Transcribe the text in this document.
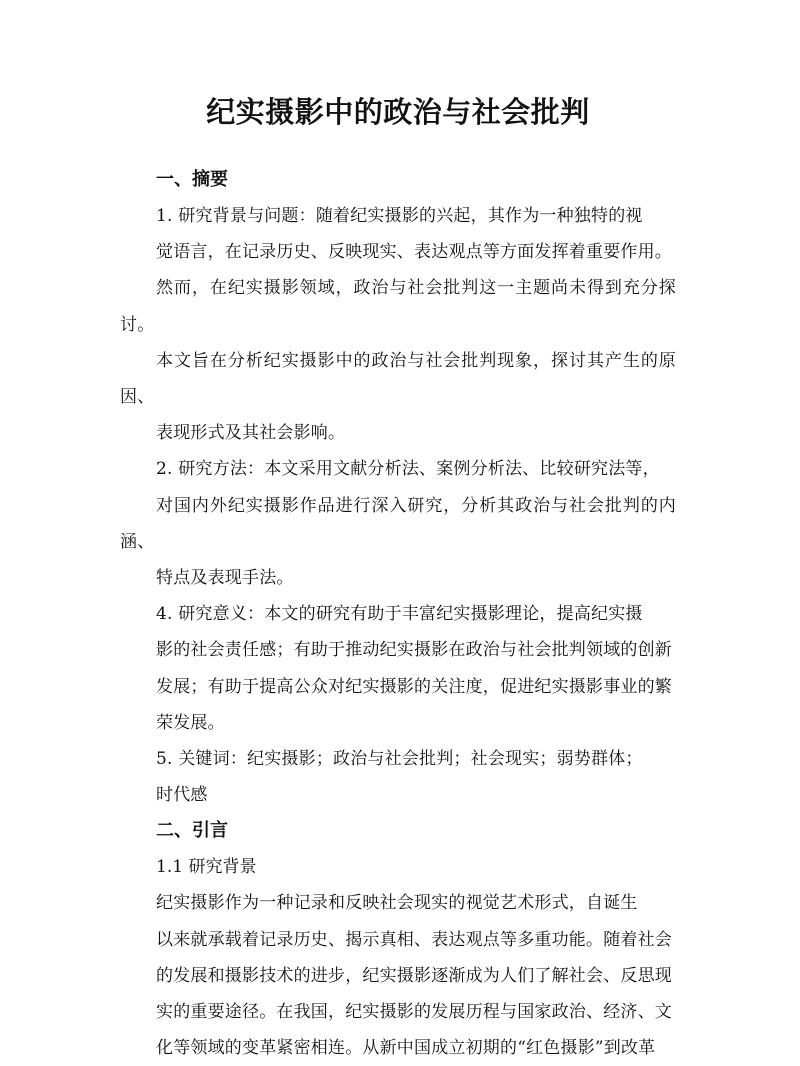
纪实摄影中的政治与社会批判
一、摘要

1. 研究背景与问题：随着纪实摄影的兴起，其作为一种独特的视
觉语言，在记录历史、反映现实、表达观点等方面发挥着重要作用。
然而，在纪实摄影领域，政治与社会批判这一主题尚未得到充分探讨。
本文旨在分析纪实摄影中的政治与社会批判现象，探讨其产生的原因、
表现形式及其社会影响。

2. 研究方法：本文采用文献分析法、案例分析法、比较研究法等，
对国内外纪实摄影作品进行深入研究，分析其政治与社会批判的内涵、
特点及表现手法。

4. 研究意义：本文的研究有助于丰富纪实摄影理论，提高纪实摄
影的社会责任感；有助于推动纪实摄影在政治与社会批判领域的创新
发展；有助于提高公众对纪实摄影的关注度，促进纪实摄影事业的繁
荣发展。

5. 关键词：纪实摄影；政治与社会批判；社会现实；弱势群体；
时代感

二、引言
1.1 研究背景

纪实摄影作为一种记录和反映社会现实的视觉艺术形式，自诞生
以来就承载着记录历史、揭示真相、表达观点等多重功能。随着社会
的发展和摄影技术的进步，纪实摄影逐渐成为人们了解社会、反思现
实的重要途径。在我国，纪实摄影的发展历程与国家政治、经济、文
化等领域的变革紧密相连。从新中国成立初期的“红色摄影”到改革
